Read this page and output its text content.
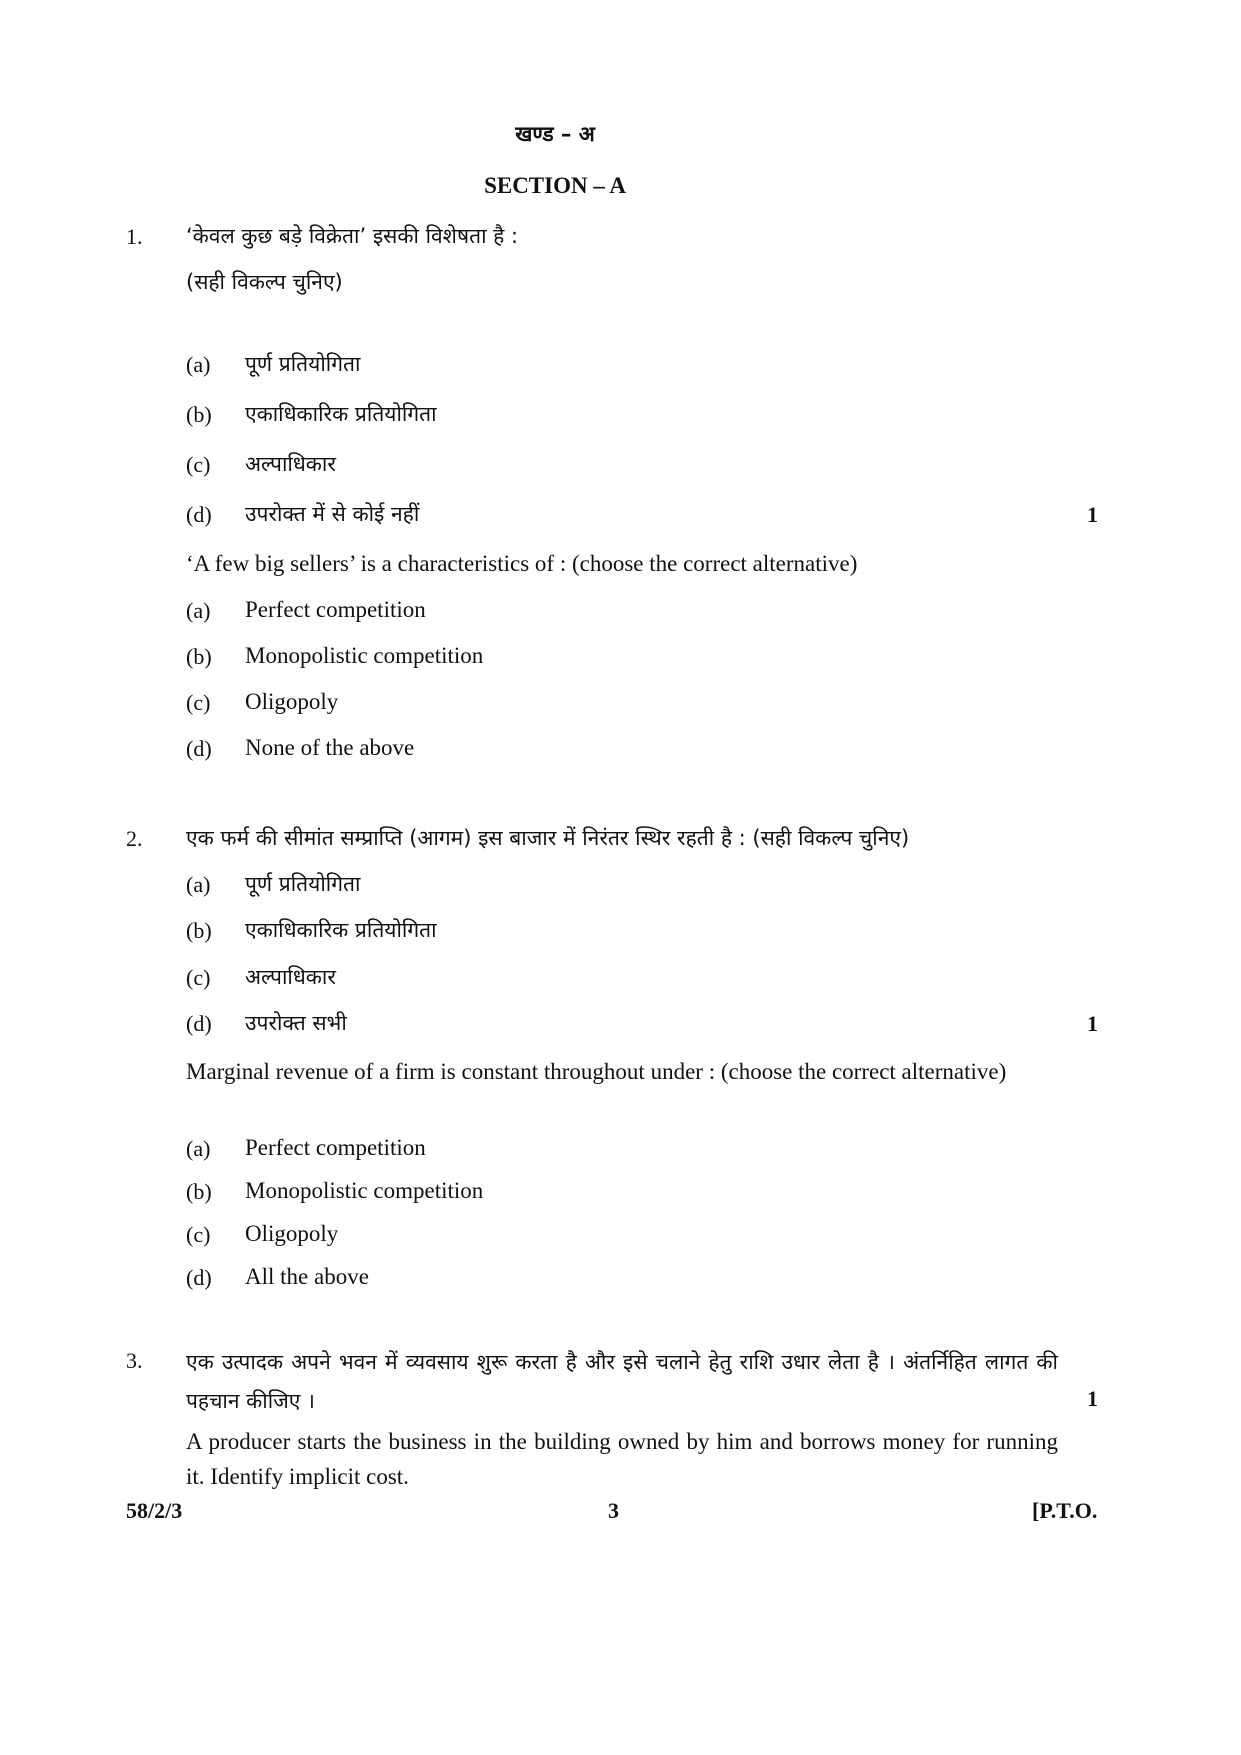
खण्ड – अ
SECTION – A
1. ‘केवल कुछ बड़े विक्रेता’ इसकी विशेषता है :
(सही विकल्प चुनिए)
(a) पूर्ण प्रतियोगिता
(b) एकाधिकारिक प्रतियोगिता
(c) अल्पाधिकार
(d) उपरोक्त में से कोई नहीं	1
‘A few big sellers’ is a characteristics of : (choose the correct alternative)
(a) Perfect competition
(b) Monopolistic competition
(c) Oligopoly
(d) None of the above
2. एक फर्म की सीमांत सम्प्राप्ति (आगम) इस बाजार में निरंतर स्थिर रहती है : (सही विकल्प चुनिए)
(a) पूर्ण प्रतियोगिता
(b) एकाधिकारिक प्रतियोगिता
(c) अल्पाधिकार
(d) उपरोक्त सभी	1
Marginal revenue of a firm is constant throughout under : (choose the correct alternative)
(a) Perfect competition
(b) Monopolistic competition
(c) Oligopoly
(d) All the above
3. एक उत्पादक अपने भवन में व्यवसाय शुरू करता है और इसे चलाने हेतु राशि उधार लेता है । अंतर्निहित लागत की पहचान कीजिए ।	1
A producer starts the business in the building owned by him and borrows money for running it. Identify implicit cost.
58/2/3	3	[P.T.O.
